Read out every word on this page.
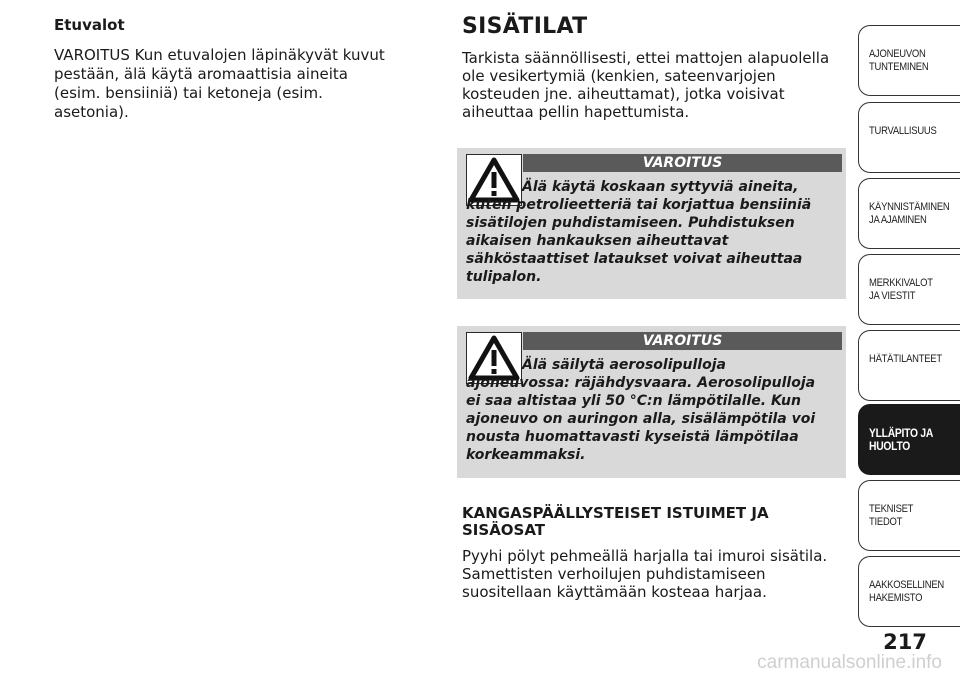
Etuvalot

VAROITUS Kun etuvalojen läpinäkyvät kuvut pestään, älä käytä aromaattisia aineita (esim. bensiiniä) tai ketoneja (esim. asetonia).

SISÄTILAT

Tarkista säännöllisesti, ettei mattojen alapuolella ole vesikertymiä (kenkien, sateenvarjojen kosteuden jne. aiheuttamat), jotka voisivat aiheuttaa pellin hapettumista.

VAROITUS
Älä käytä koskaan syttyviä aineita, kuten petrolieetteriä tai korjattua bensiiniä sisätilojen puhdistamiseen. Puhdistuksen aikaisen hankauksen aiheuttavat sähköstaattiset lataukset voivat aiheuttaa tulipalon.
VAROITUS
Älä säilytä aerosolipulloja ajoneuvossa: räjähdysvaara. Aerosolipulloja ei saa altistaa yli 50 °C:n lämpötilalle. Kun ajoneuvo on auringon alla, sisälämpötila voi nousta huomattavasti kyseistä lämpötilaa korkeammaksi.

KANGASPÄÄLLYSTEISET ISTUIMET JA SISÄOSAT

Pyyhi pölyt pehmeällä harjalla tai imuroi sisätila. Samettisten verhoilujen puhdistamiseen suositellaan käyttämään kosteaa harjaa.

AJONEUVON TUNTEMINEN
TURVALLISUUS
KÄYNNISTÄMINEN JA AJAMINEN
MERKKIVALOT JA VIESTIT
HÄTÄTILANTEET
YLLÄPITO JA HUOLTO
TEKNISET TIEDOT
AAKKOSELLINEN HAKEMISTO
217
carmanualsonline.info
